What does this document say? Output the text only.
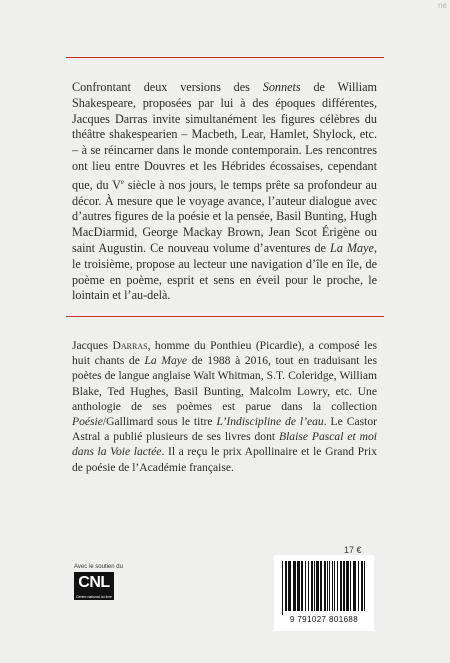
ne
Confrontant deux versions des Sonnets de William Shakespeare, proposées par lui à des époques différentes, Jacques Darras invite simultanément les figures célèbres du théâtre shakespearien – Macbeth, Lear, Hamlet, Shylock, etc. – à se réincarner dans le monde contemporain. Les rencontres ont lieu entre Douvres et les Hébrides écossaises, cependant que, du Ve siècle à nos jours, le temps prête sa profondeur au décor. À mesure que le voyage avance, l’auteur dialogue avec d’autres figures de la poésie et la pensée, Basil Bunting, Hugh MacDiarmid, George Mackay Brown, Jean Scot Érigène ou saint Augustin. Ce nouveau volume d’aventures de La Maye, le troisième, propose au lecteur une navigation d’île en île, de poème en poème, esprit et sens en éveil pour le proche, le lointain et l’au-delà.
Jacques Darras, homme du Ponthieu (Picardie), a composé les huit chants de La Maye de 1988 à 2016, tout en traduisant les poètes de langue anglaise Walt Whitman, S.T. Coleridge, William Blake, Ted Hughes, Basil Bunting, Malcolm Lowry, etc. Une anthologie de ses poèmes est parue dans la collection Poésie/Gallimard sous le titre L’Indiscipline de l’eau. Le Castor Astral a publié plusieurs de ses livres dont Blaise Pascal et moi dans la Voie lactée. Il a reçu le prix Apollinaire et le Grand Prix de poésie de l’Académie française.
Avec le soutien du
CNL
Centre national du livre
17 €
9 791027 801688
